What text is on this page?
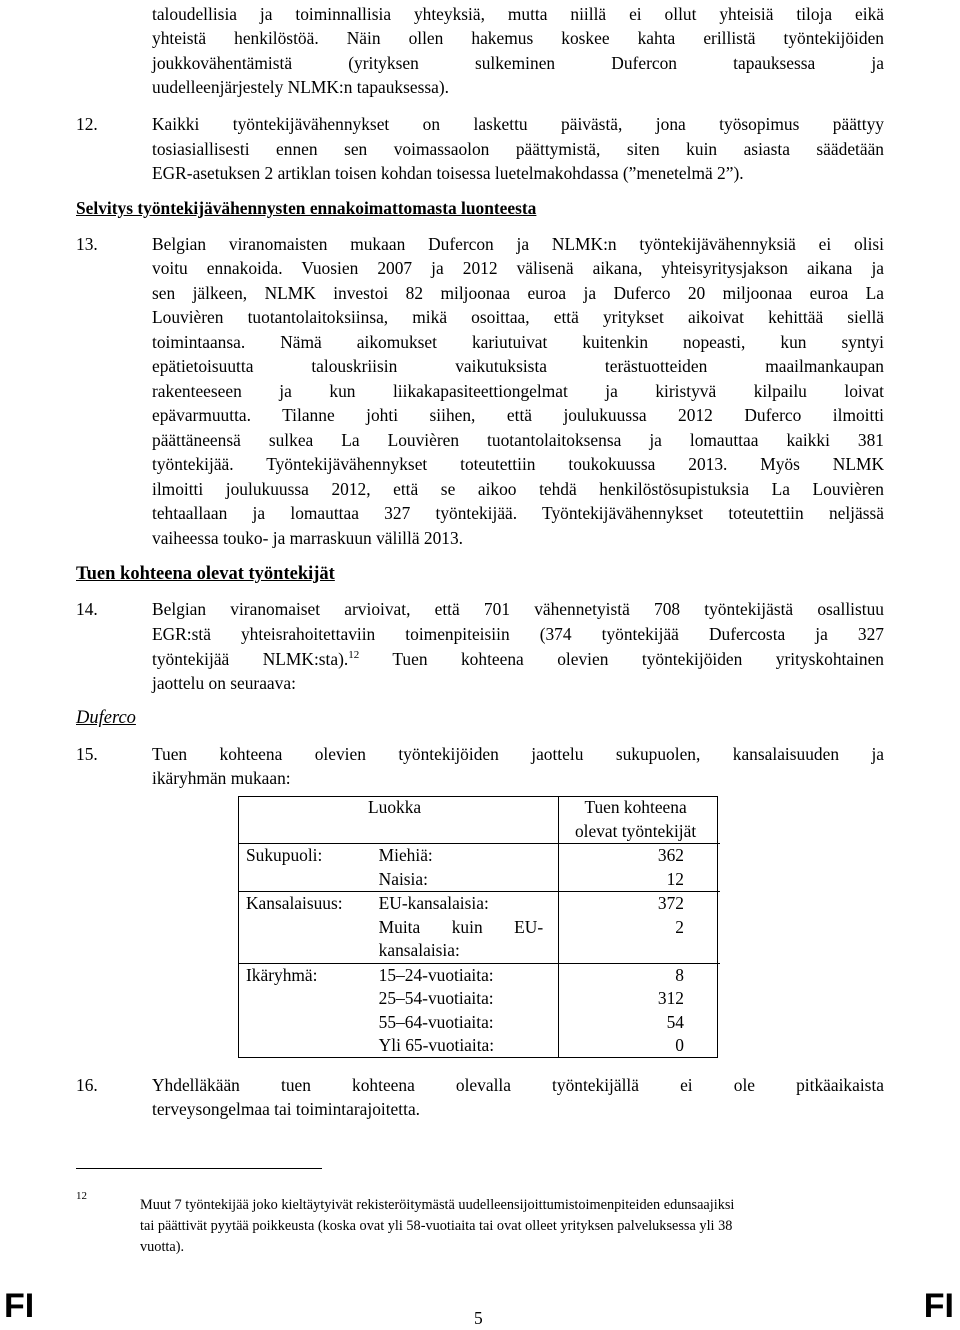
taloudellisia ja toiminnallisia yhteyksiä, mutta niillä ei ollut yhteisiä tiloja eikä
yhteistä henkilöstöä. Näin ollen hakemus koskee kahta erillistä työntekijöiden
joukkovähentämistä (yrityksen sulkeminen Dufercon tapauksessa ja
uudelleenjärjestely NLMK:n tapauksessa).
12.	Kaikki työntekijävähennykset on laskettu päivästä, jona työsopimus päättyy
tosiasiallisesti ennen sen voimassaolon päättymistä, siten kuin asiasta säädetään
EGR-asetuksen 2 artiklan toisen kohdan toisessa luetelmakohdassa (”menetelmä 2”).
Selvitys työntekijävähennysten ennakoimattomasta luonteesta
13.	Belgian viranomaisten mukaan Dufercon ja NLMK:n työntekijävähennyksiä ei olisi
voitu ennakoida. Vuosien 2007 ja 2012 välisenä aikana, yhteisyritysjakson aikana ja
sen jälkeen, NLMK investoi 82 miljoonaa euroa ja Duferco 20 miljoonaa euroa La
Louvièren tuotantolaitoksiinsa, mikä osoittaa, että yritykset aikoivat kehittää siellä
toimintaansa. Nämä aikomukset kariutuivat kuitenkin nopeasti, kun syntyi
epätietoisuutta talouskriisin vaikutuksista terästuotteiden maailmankaupan
rakenteeseen ja kun liikakapasiteettiongelmat ja kiristyvä kilpailu loivat
epävarmuutta. Tilanne johti siihen, että joulukuussa 2012 Duferco ilmoitti
päättäneensä sulkea La Louvièren tuotantolaitoksensa ja lomauttaa kaikki 381
työntekijää. Työntekijävähennykset toteutettiin toukokuussa 2013. Myös NLMK
ilmoitti joulukuussa 2012, että se aikoo tehdä henkilöstösupistuksia La Louvièren
tehtaallaan ja lomauttaa 327 työntekijää. Työntekijävähennykset toteutettiin neljässä
vaiheessa touko- ja marraskuun välillä 2013.
Tuen kohteena olevat työntekijät
14.	Belgian viranomaiset arvioivat, että 701 vähennetyistä 708 työntekijästä osallistuu
EGR:stä yhteisrahoitettaviin toimenpiteisiin (374 työntekijää Dufercosta ja 327
työntekijää NLMK:sta).$^{12}$ Tuen kohteena olevien työntekijöiden yrityskohtainen
jaottelu on seuraava:
Duferco
15.	Tuen kohteena olevien työntekijöiden jaottelu sukupuolen, kansalaisuuden ja
ikäryhmän mukaan:
Luokka		Tuen kohteena
olevat työntekijät
Sukupuoli:	Miehiä:	362
	Naisia:	12
Kansalaisuus:	EU-kansalaisia:	372
	Muita kuin EU-	2
	kansalaisia:	
Ikäryhmä:	15–24-vuotiaita:	8
	25–54-vuotiaita:	312
	55–64-vuotiaita:	54
	Yli 65-vuotiaita:	0
16.	Yhdelläkään tuen kohteena olevalla työntekijällä ei ole pitkäaikaista
terveysongelmaa tai toimintarajoitetta.
12
Muut 7 työntekijää joko kieltäytyivät rekisteröitymästä uudelleensijoittumistoimenpiteiden edunsaajiksi
tai päättivät pyytää poikkeusta (koska ovat yli 58-vuotiaita tai ovat olleet yrityksen palveluksessa yli 38
vuotta).
FI	5	FI
